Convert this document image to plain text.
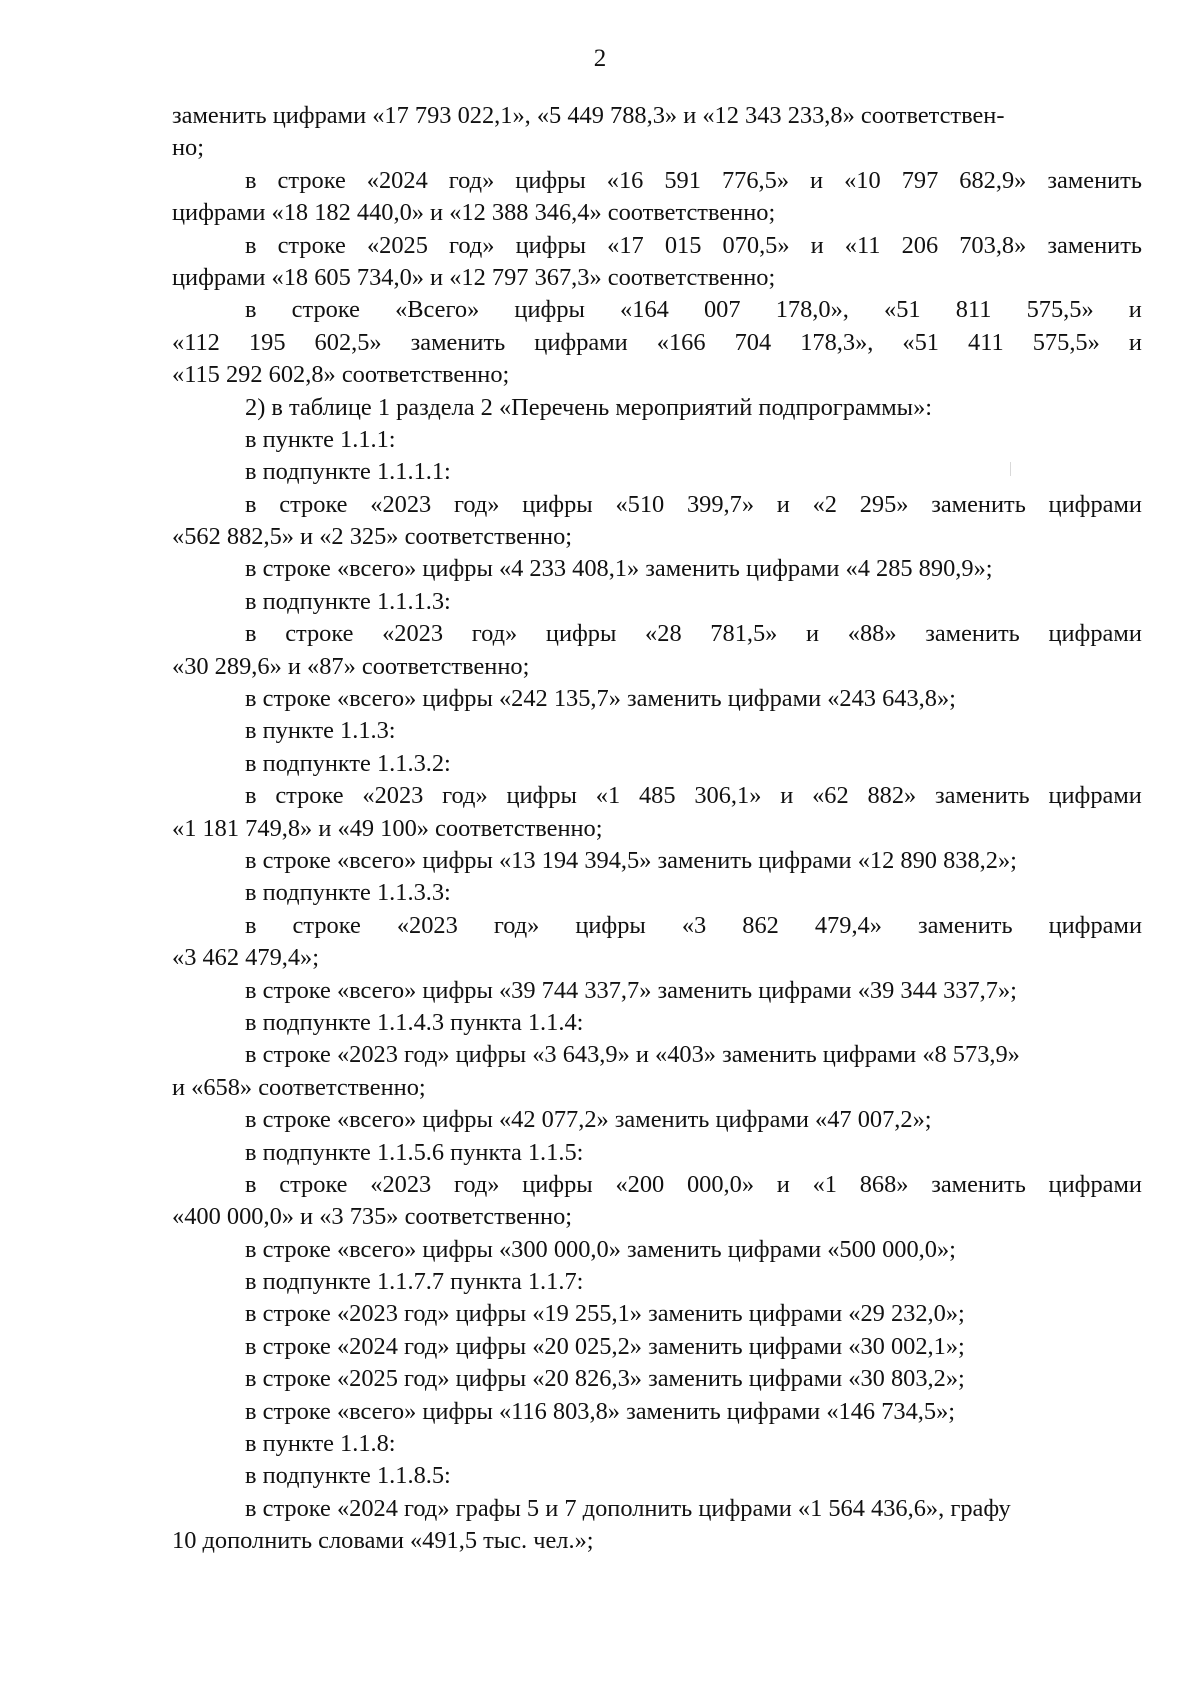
2
заменить цифрами «17 793 022,1», «5 449 788,3» и «12 343 233,8» соответствен-
но;
в строке «2024 год» цифры «16 591 776,5» и «10 797 682,9» заменить
цифрами «18 182 440,0» и «12 388 346,4» соответственно;
в строке «2025 год» цифры «17 015 070,5» и «11 206 703,8» заменить
цифрами «18 605 734,0» и «12 797 367,3» соответственно;
в строке «Всего» цифры «164 007 178,0», «51 811 575,5» и
«112 195 602,5» заменить цифрами «166 704 178,3», «51 411 575,5» и
«115 292 602,8» соответственно;
2) в таблице 1 раздела 2 «Перечень мероприятий подпрограммы»:
в пункте 1.1.1:
в подпункте 1.1.1.1:
в строке «2023 год» цифры «510 399,7» и «2 295» заменить цифрами
«562 882,5» и «2 325» соответственно;
в строке «всего» цифры «4 233 408,1» заменить цифрами «4 285 890,9»;
в подпункте 1.1.1.3:
в строке «2023 год» цифры «28 781,5» и «88» заменить цифрами
«30 289,6» и «87» соответственно;
в строке «всего» цифры «242 135,7» заменить цифрами «243 643,8»;
в пункте 1.1.3:
в подпункте 1.1.3.2:
в строке «2023 год» цифры «1 485 306,1» и «62 882» заменить цифрами
«1 181 749,8» и «49 100» соответственно;
в строке «всего» цифры «13 194 394,5» заменить цифрами «12 890 838,2»;
в подпункте 1.1.3.3:
в строке «2023 год» цифры «3 862 479,4» заменить цифрами
«3 462 479,4»;
в строке «всего» цифры «39 744 337,7» заменить цифрами «39 344 337,7»;
в подпункте 1.1.4.3 пункта 1.1.4:
в строке «2023 год» цифры «3 643,9» и «403» заменить цифрами «8 573,9»
и «658» соответственно;
в строке «всего» цифры «42 077,2» заменить цифрами «47 007,2»;
в подпункте 1.1.5.6 пункта 1.1.5:
в строке «2023 год» цифры «200 000,0» и «1 868» заменить цифрами
«400 000,0» и «3 735» соответственно;
в строке «всего» цифры «300 000,0» заменить цифрами «500 000,0»;
в подпункте 1.1.7.7 пункта 1.1.7:
в строке «2023 год» цифры «19 255,1» заменить цифрами «29 232,0»;
в строке «2024 год» цифры «20 025,2» заменить цифрами «30 002,1»;
в строке «2025 год» цифры «20 826,3» заменить цифрами «30 803,2»;
в строке «всего» цифры «116 803,8» заменить цифрами «146 734,5»;
в пункте 1.1.8:
в подпункте 1.1.8.5:
в строке «2024 год» графы 5 и 7 дополнить цифрами «1 564 436,6», графу
10 дополнить словами «491,5 тыс. чел.»;
